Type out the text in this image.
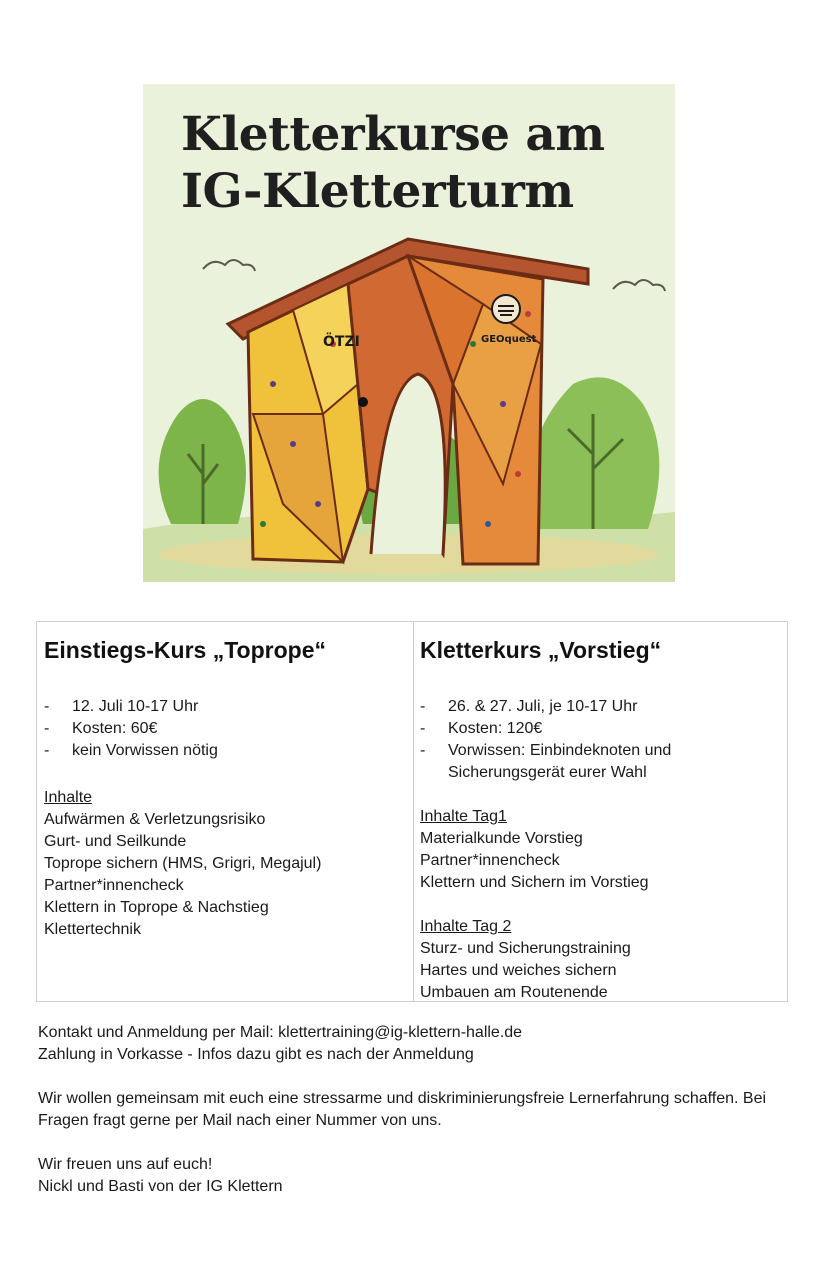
ÖTZI	GEOquest
Kletterkurse am
IG-Kletterturm
Einstiegs-Kurs „Toprope“
- 12. Juli 10-17 Uhr
- Kosten: 60€
- kein Vorwissen nötig
Inhalte
Aufwärmen & Verletzungsrisiko
Gurt- und Seilkunde
Toprope sichern (HMS, Grigri, Megajul)
Partner*innencheck
Klettern in Toprope & Nachstieg
Klettertechnik
Kletterkurs „Vorstieg“
- 26. & 27. Juli, je 10-17 Uhr
- Kosten: 120€
- Vorwissen: Einbindeknoten und Sicherungsgerät eurer Wahl
Inhalte Tag1
Materialkunde Vorstieg
Partner*innencheck
Klettern und Sichern im Vorstieg
Inhalte Tag 2
Sturz- und Sicherungstraining
Hartes und weiches sichern
Umbauen am Routenende

Kontakt und Anmeldung per Mail: klettertraining@ig-klettern-halle.de

Zahlung in Vorkasse - Infos dazu gibt es nach der Anmeldung

Wir wollen gemeinsam mit euch eine stressarme und diskriminierungsfreie Lernerfahrung schaffen. Bei Fragen fragt gerne per Mail nach einer Nummer von uns.

Wir freuen uns auf euch!

Nickl und Basti von der IG Klettern
